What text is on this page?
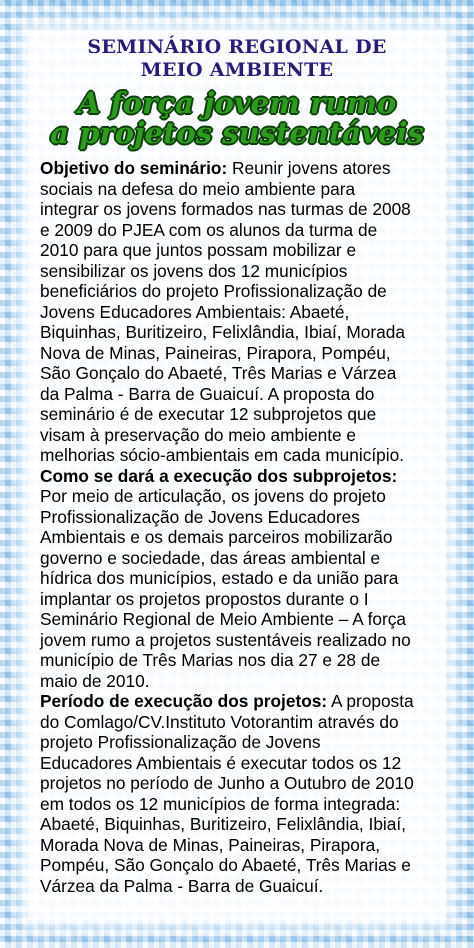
SEMINÁRIO REGIONAL DE
MEIO AMBIENTE
A força jovem rumo
a projetos sustentáveis
Objetivo do seminário: Reunir jovens atores
sociais na defesa do meio ambiente para
integrar os jovens formados nas turmas de 2008
e 2009 do PJEA com os alunos da turma de
2010 para que juntos possam mobilizar e
sensibilizar os jovens dos 12 municípios
beneficiários do projeto Profissionalização de
Jovens Educadores Ambientais: Abaeté,
Biquinhas, Buritizeiro, Felixlândia, Ibiaí, Morada
Nova de Minas, Paineiras, Pirapora, Pompéu,
São Gonçalo do Abaeté, Três Marias e Várzea
da Palma - Barra de Guaicuí. A proposta do
seminário é de executar 12 subprojetos que
visam à preservação do meio ambiente e
melhorias sócio-ambientais em cada município.
Como se dará a execução dos subprojetos:
Por meio de articulação, os jovens do projeto
Profissionalização de Jovens Educadores
Ambientais e os demais parceiros mobilizarão
governo e sociedade, das áreas ambiental e
hídrica dos municípios, estado e da união para
implantar os projetos propostos durante o I
Seminário Regional de Meio Ambiente – A força
jovem rumo a projetos sustentáveis realizado no
município de Três Marias nos dia 27 e 28 de
maio de 2010.
Período de execução dos projetos: A proposta
do Comlago/CV.Instituto Votorantim através do
projeto Profissionalização de Jovens
Educadores Ambientais é executar todos os 12
projetos no período de Junho a Outubro de 2010
em todos os 12 municípios de forma integrada:
Abaeté, Biquinhas, Buritizeiro, Felixlândia, Ibiaí,
Morada Nova de Minas, Paineiras, Pirapora,
Pompéu, São Gonçalo do Abaeté, Três Marias e
Várzea da Palma - Barra de Guaicuí.
